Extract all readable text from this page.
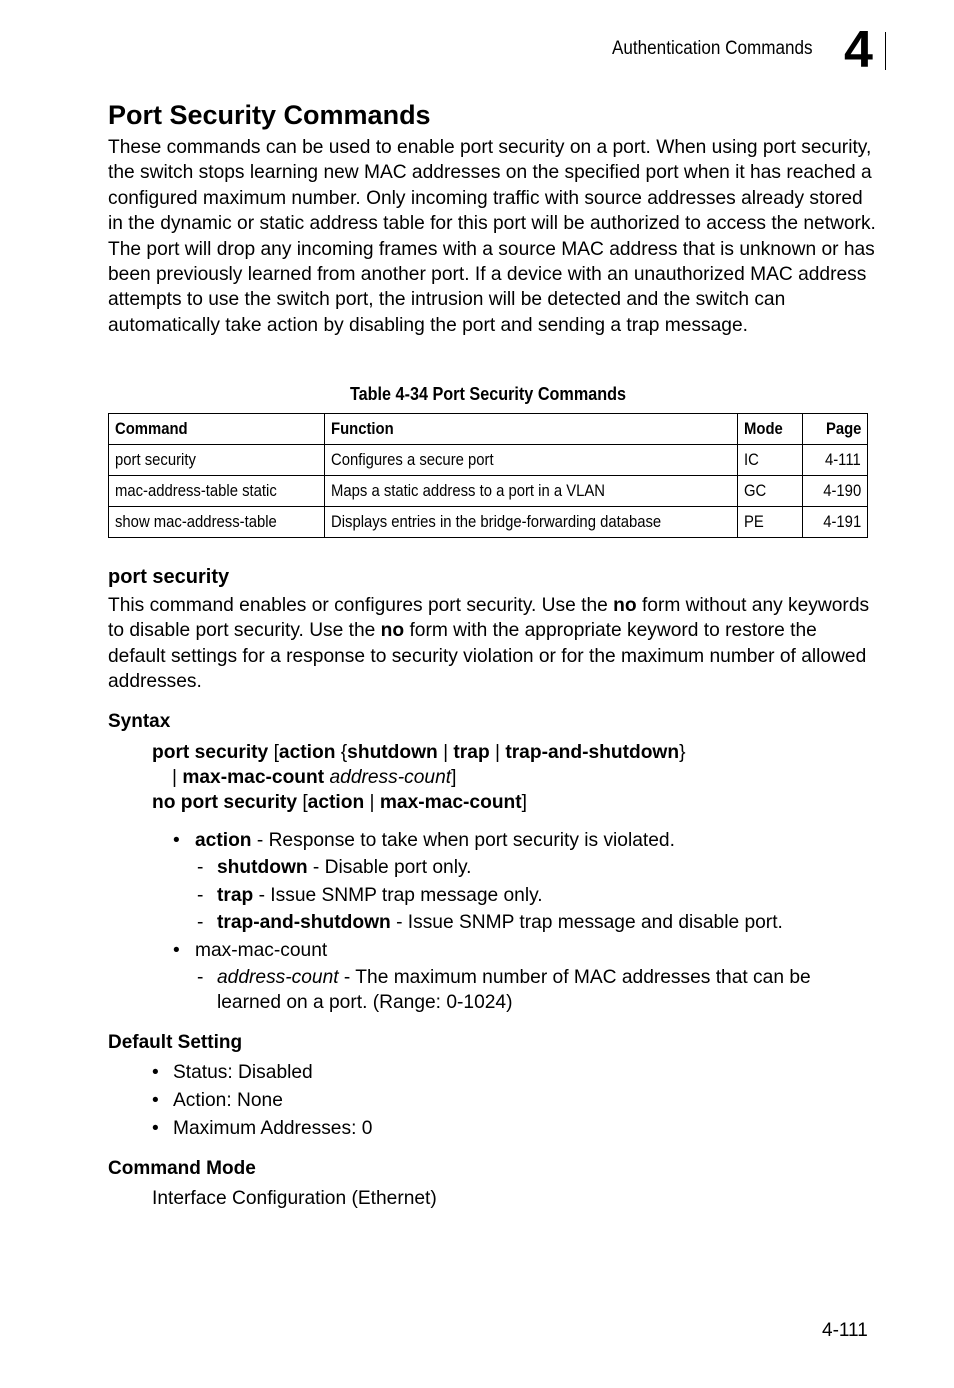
Authentication Commands 4
Port Security Commands

These commands can be used to enable port security on a port. When using port security, the switch stops learning new MAC addresses on the specified port when it has reached a configured maximum number. Only incoming traffic with source addresses already stored in the dynamic or static address table for this port will be authorized to access the network. The port will drop any incoming frames with a source MAC address that is unknown or has been previously learned from another port. If a device with an unauthorized MAC address attempts to use the switch port, the intrusion will be detected and the switch can automatically take action by disabling the port and sending a trap message.

Table 4-34 Port Security Commands
Command	Function	Mode	Page
port security	Configures a secure port	IC	4-111
mac-address-table static	Maps a static address to a port in a VLAN	GC	4-190
show mac-address-table	Displays entries in the bridge-forwarding database	PE	4-191
port security

This command enables or configures port security. Use the no form without any keywords to disable port security. Use the no form with the appropriate keyword to restore the default settings for a response to security violation or for the maximum number of allowed addresses.

Syntax
port security [action {shutdown | trap | trap-and-shutdown}
| max-mac-count address-count]
no port security [action | max-mac-count]
• action - Response to take when port security is violated.
- shutdown - Disable port only.
- trap - Issue SNMP trap message only.
- trap-and-shutdown - Issue SNMP trap message and disable port.
• max-mac-count
- address-count - The maximum number of MAC addresses that can be
learned on a port. (Range: 0-1024)
Default Setting
• Status: Disabled
• Action: None
• Maximum Addresses: 0
Command Mode
Interface Configuration (Ethernet)
4-111
